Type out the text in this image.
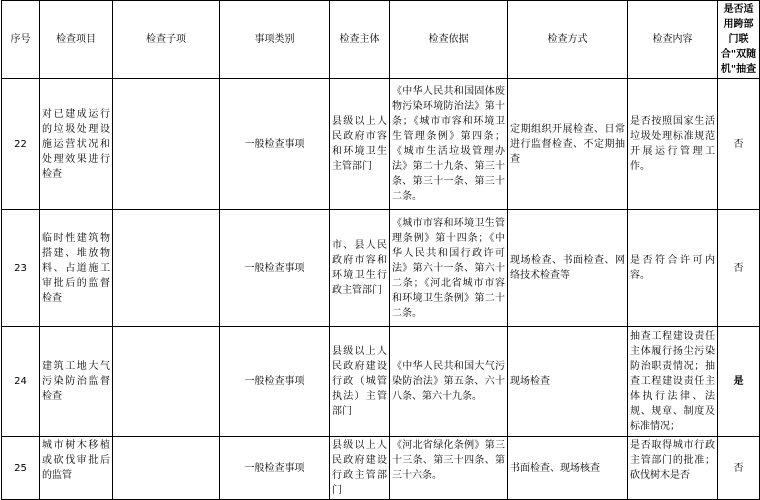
序号	检查项目	检查子项	事项类别	检查主体	检查依据	检查方式	检查内容	是否适用跨部门联合"双随机"抽查
22	对已建成运行的垃圾处理设施运营状况和处理效果进行检查		一般检查事项	县级以上人民政府市容和环境卫生主管部门	《中华人民共和国固体废物污染环境防治法》第十条；《城市市容和环境卫生管理条例》第四条；《城市生活垃圾管理办法》第二十九条、第三十条、第三十一条、第三十二条。	定期组织开展检查、日常进行监督检查、不定期抽查	是否按照国家生活垃圾处理标准规范开展运行管理工作。	否
23	临时性建筑物搭建、堆放物料、占道施工审批后的监督检查		一般检查事项	市、县人民政府市容和环境卫生行政主管部门	《城市市容和环境卫生管理条例》第十四条；《中华人民共和国行政许可法》第六十一条、第六十二条；《河北省城市市容和环境卫生条例》第二十二条。	现场检查、书面检查、网络技术检查等	是否符合许可内容。	否
24	建筑工地大气污染防治监督检查		一般检查事项	县级以上人民政府建设行政（城管执法）主管部门	《中华人民共和国大气污染防治法》第五条、六十八条、第六十九条。	现场检查	抽查工程建设责任主体履行扬尘污染防治职责情况；抽查工程建设责任主体执行法律、法规、规章、制度及标准情况；	是
25	城市树木移植或砍伐审批后的监管		一般检查事项	县级以上人民政府建设行政主管部门	《河北省绿化条例》第三十三条、第三十四条、第三十六条。	书面检查、现场核查	是否取得城市行政主管部门的批准；砍伐树木是否	否
